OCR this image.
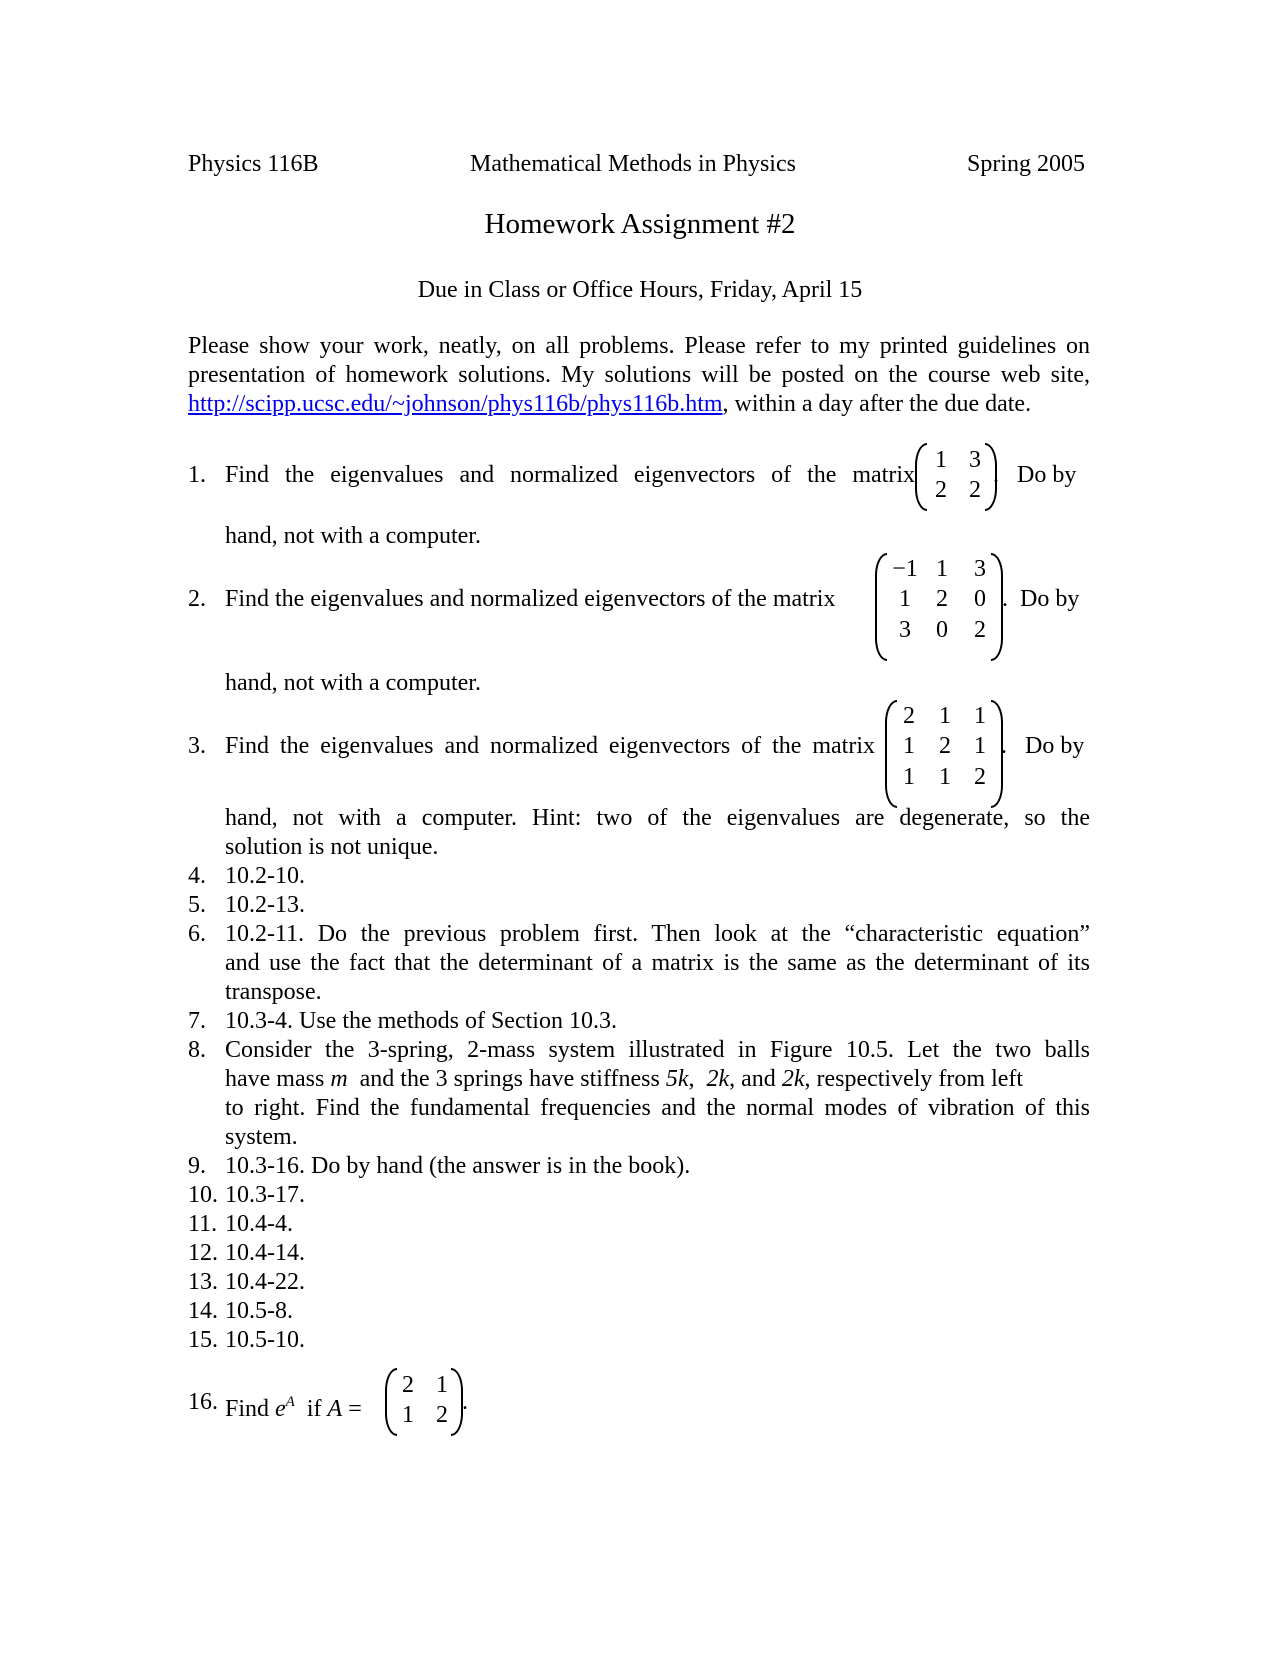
Physics 116B	Mathematical Methods in Physics	Spring 2005
Homework Assignment #2
Due in Class or Office Hours, Friday, April 15

Please show your work, neatly, on all problems. Please refer to my printed guidelines on

presentation of homework solutions. My solutions will be posted on the course web site,

http://scipp.ucsc.edu/~johnson/phys116b/phys116b.htm, within a day after the due date.

1. Find the eigenvalues and normalized eigenvectors of the matrix
1 3
2 2
.   Do by
hand, not with a computer.
2. Find the eigenvalues and normalized eigenvectors of the matrix
−1 1	3
1	2	0
3	0	2
.  Do by
hand, not with a computer.
3. Find the eigenvalues and normalized eigenvectors of the matrix
2	1 1
1	2 1
1	1 2
.   Do by
hand, not with a computer. Hint: two of the eigenvalues are degenerate, so the
solution is not unique.
4. 10.2-10.
5. 10.2-13.
6. 10.2-11. Do the previous problem first. Then look at the “characteristic equation”
and use the fact that the determinant of a matrix is the same as the determinant of its
transpose.
7. 10.3-4. Use the methods of Section 10.3.
8. Consider the 3-spring, 2-mass system illustrated in Figure 10.5. Let the two balls
have mass m  and the 3 springs have stiffness 5k,  2k, and 2k, respectively from left
to right. Find the fundamental frequencies and the normal modes of vibration of this
system.
9. 10.3-16. Do by hand (the answer is in the book).
10. 10.3-17.
11. 10.4-4.
12. 10.4-14.
13. 10.4-22.
14. 10.5-8.
15. 10.5-10.
16. Find $e^A$  if A =
2 1
1 2 .
